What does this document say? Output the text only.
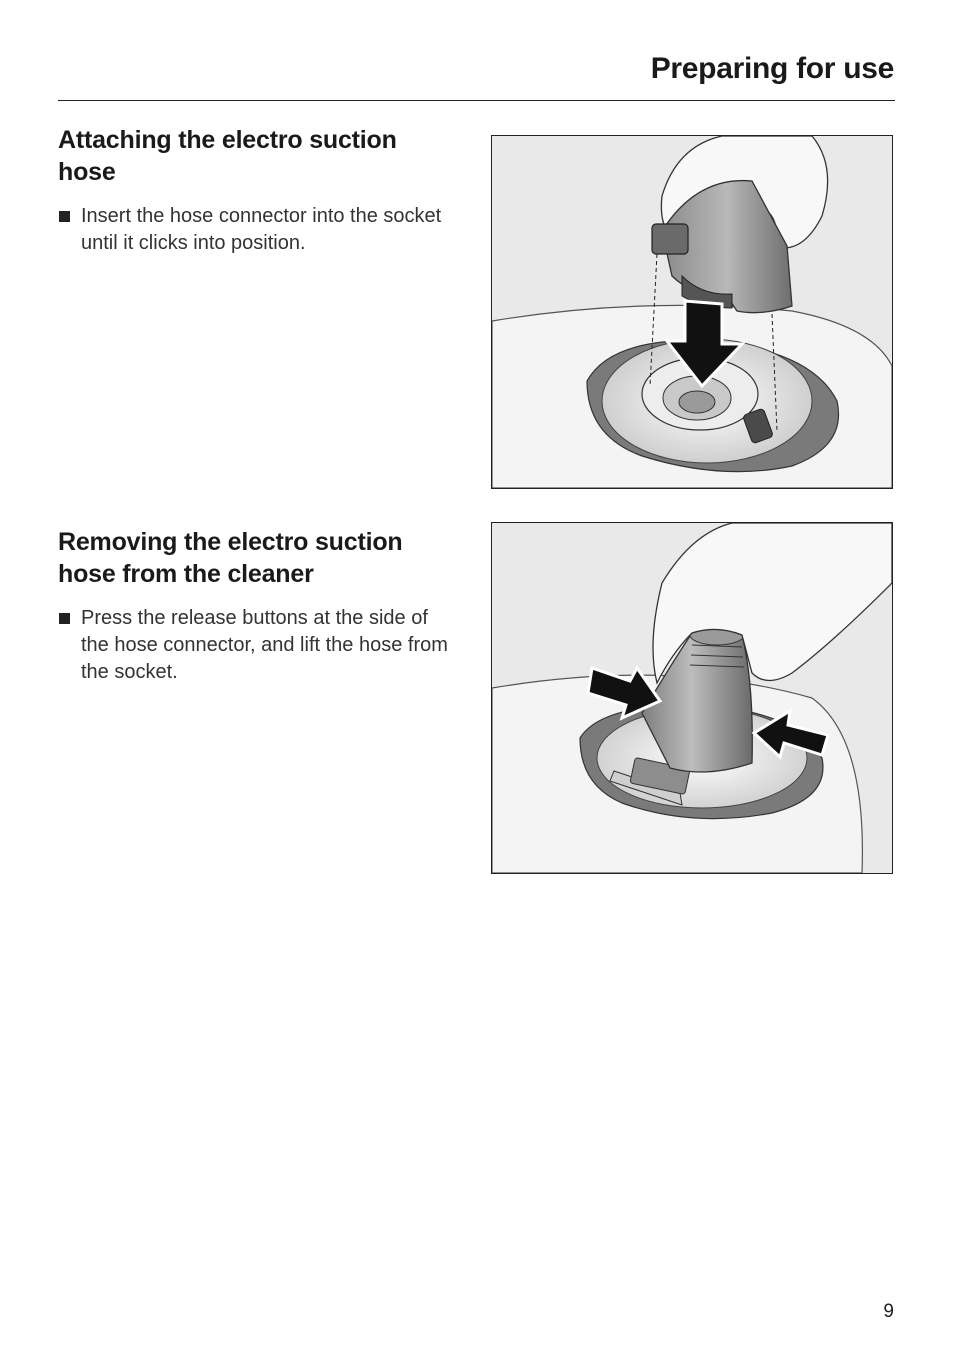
Preparing for use
Attaching the electro suction hose
Insert the hose connector into the socket until it clicks into position.
Removing the electro suction hose from the cleaner
Press the release buttons at the side of the hose connector, and lift the hose from the socket.
9
